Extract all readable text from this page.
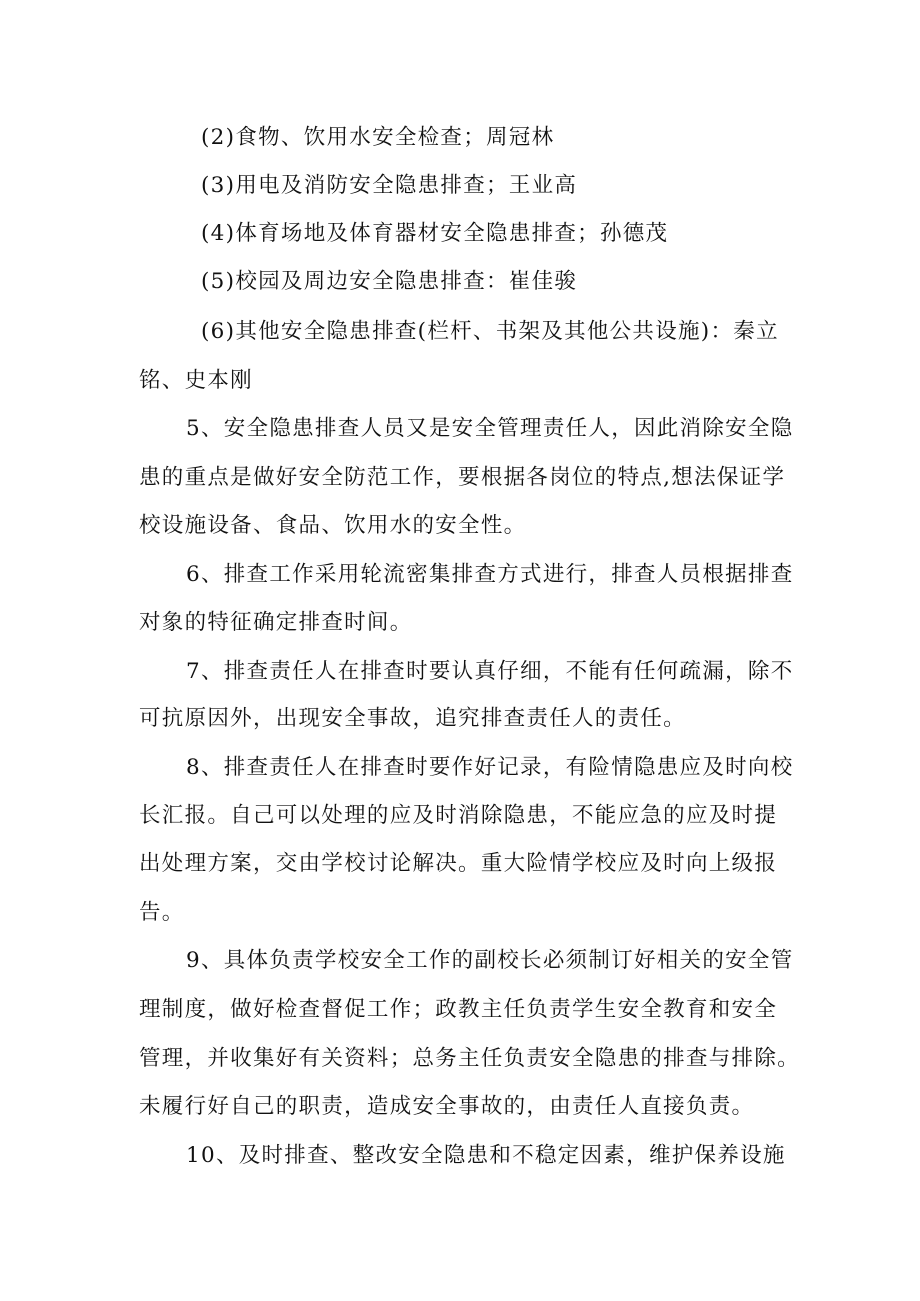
(2)食物、饮用水安全检查；周冠林
(3)用电及消防安全隐患排查；王业高
(4)体育场地及体育器材安全隐患排查；孙德茂
(5)校园及周边安全隐患排查：崔佳骏
(6)其他安全隐患排查(栏杆、书架及其他公共设施)：秦立
铭、史本刚
5、安全隐患排查人员又是安全管理责任人，因此消除安全隐
患的重点是做好安全防范工作，要根据各岗位的特点,想法保证学
校设施设备、食品、饮用水的安全性。
6、排查工作采用轮流密集排查方式进行，排查人员根据排查
对象的特征确定排查时间。
7、排查责任人在排查时要认真仔细，不能有任何疏漏，除不
可抗原因外，出现安全事故，追究排查责任人的责任。
8、排查责任人在排查时要作好记录，有险情隐患应及时向校
长汇报。自己可以处理的应及时消除隐患，不能应急的应及时提
出处理方案，交由学校讨论解决。重大险情学校应及时向上级报
告。
9、具体负责学校安全工作的副校长必须制订好相关的安全管
理制度，做好检查督促工作；政教主任负责学生安全教育和安全
管理，并收集好有关资料；总务主任负责安全隐患的排查与排除。
未履行好自己的职责，造成安全事故的，由责任人直接负责。
10、及时排查、整改安全隐患和不稳定因素，维护保养设施
